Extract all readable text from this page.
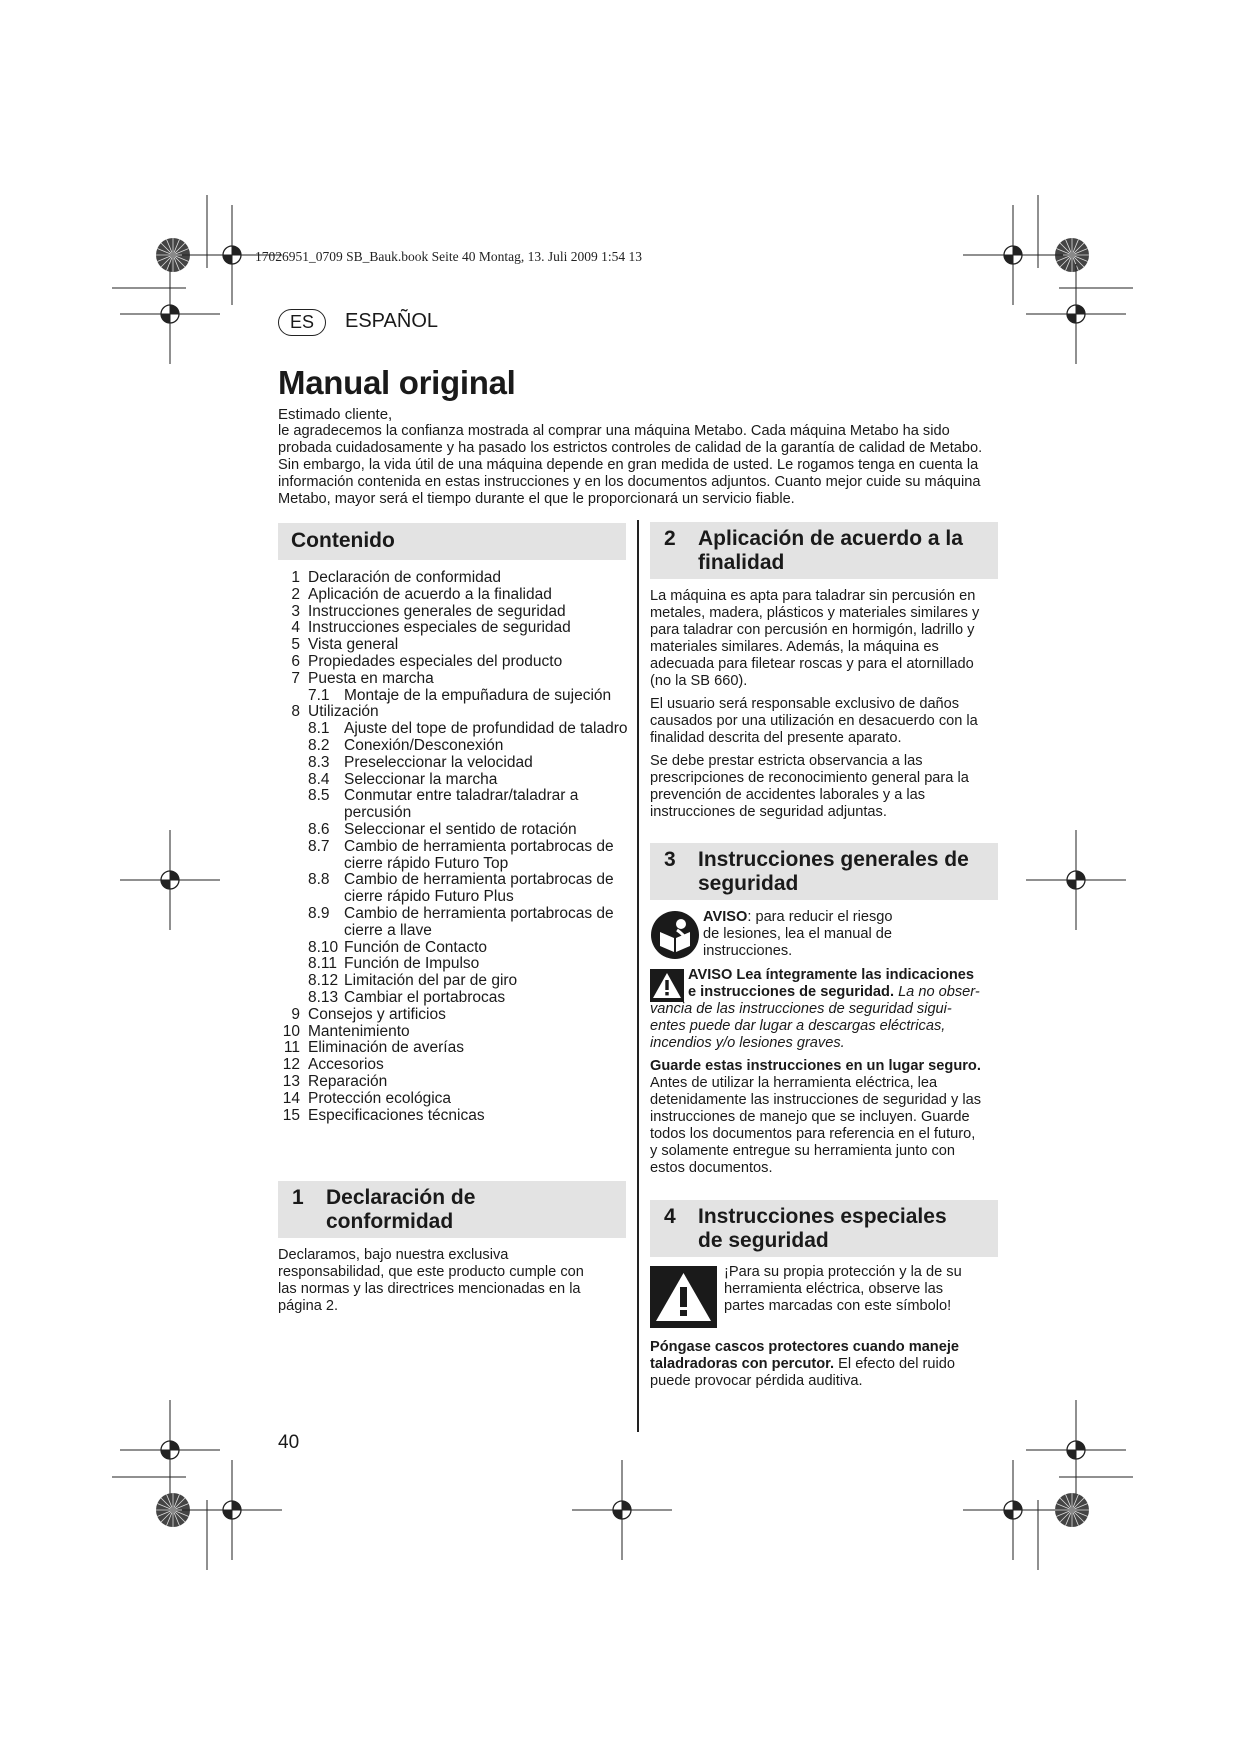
17026951_0709 SB_Bauk.book Seite 40 Montag, 13. Juli 2009 1:54 13
ES	ESPAÑOL
Manual original
Estimado cliente,
le agradecemos la confianza mostrada al comprar una máquina Metabo. Cada máquina Metabo ha sido
probada cuidadosamente y ha pasado los estrictos controles de calidad de la garantía de calidad de Metabo.
Sin embargo, la vida útil de una máquina depende en gran medida de usted. Le rogamos tenga en cuenta la
información contenida en estas instrucciones y en los documentos adjuntos. Cuanto mejor cuide su máquina
Metabo, mayor será el tiempo durante el que le proporcionará un servicio fiable.
Contenido
1 Declaración de conformidad
2 Aplicación de acuerdo a la finalidad
3 Instrucciones generales de seguridad
4 Instrucciones especiales de seguridad
5 Vista general
6 Propiedades especiales del producto
7 Puesta en marcha
7.1 Montaje de la empuñadura de sujeción
8 Utilización
8.1 Ajuste del tope de profundidad de taladro
8.2 Conexión/Desconexión
8.3 Preseleccionar la velocidad
8.4 Seleccionar la marcha
8.5 Conmutar entre taladrar/taladrar a percusión
8.6 Seleccionar el sentido de rotación
8.7 Cambio de herramienta portabrocas de cierre rápido Futuro Top
8.8 Cambio de herramienta portabrocas de cierre rápido Futuro Plus
8.9 Cambio de herramienta portabrocas de cierre a llave
8.10 Función de Contacto
8.11 Función de Impulso
8.12 Limitación del par de giro
8.13 Cambiar el portabrocas
9 Consejos y artificios
10 Mantenimiento
11 Eliminación de averías
12 Accesorios
13 Reparación
14 Protección ecológica
15 Especificaciones técnicas
1 Declaración de
conformidad
Declaramos, bajo nuestra exclusiva
responsabilidad, que este producto cumple con
las normas y las directrices mencionadas en la
página 2.
2 Aplicación de acuerdo a la
finalidad
La máquina es apta para taladrar sin percusión en
metales, madera, plásticos y materiales similares y
para taladrar con percusión en hormigón, ladrillo y
materiales similares. Además, la máquina es
adecuada para filetear roscas y para el atornillado
(no la SB 660).
El usuario será responsable exclusivo de daños
causados por una utilización en desacuerdo con la
finalidad descrita del presente aparato.
Se debe prestar estricta observancia a las
prescripciones de reconocimiento general para la
prevención de accidentes laborales y a las
instrucciones de seguridad adjuntas.
3 Instrucciones generales de
seguridad
AVISO: para reducir el riesgo
de lesiones, lea el manual de
instrucciones.
AVISO Lea íntegramente las indicaciones
e instrucciones de seguridad. La no obser-
vancia de las instrucciones de seguridad sigui-
entes puede dar lugar a descargas eléctricas,
incendios y/o lesiones graves.
Guarde estas instrucciones en un lugar seguro.
Antes de utilizar la herramienta eléctrica, lea
detenidamente las instrucciones de seguridad y las
instrucciones de manejo que se incluyen. Guarde
todos los documentos para referencia en el futuro,
y solamente entregue su herramienta junto con
estos documentos.
4 Instrucciones especiales
de seguridad
¡Para su propia protección y la de su
herramienta eléctrica, observe las
partes marcadas con este símbolo!
Póngase cascos protectores cuando maneje
taladradoras con percutor. El efecto del ruido
puede provocar pérdida auditiva.
40
